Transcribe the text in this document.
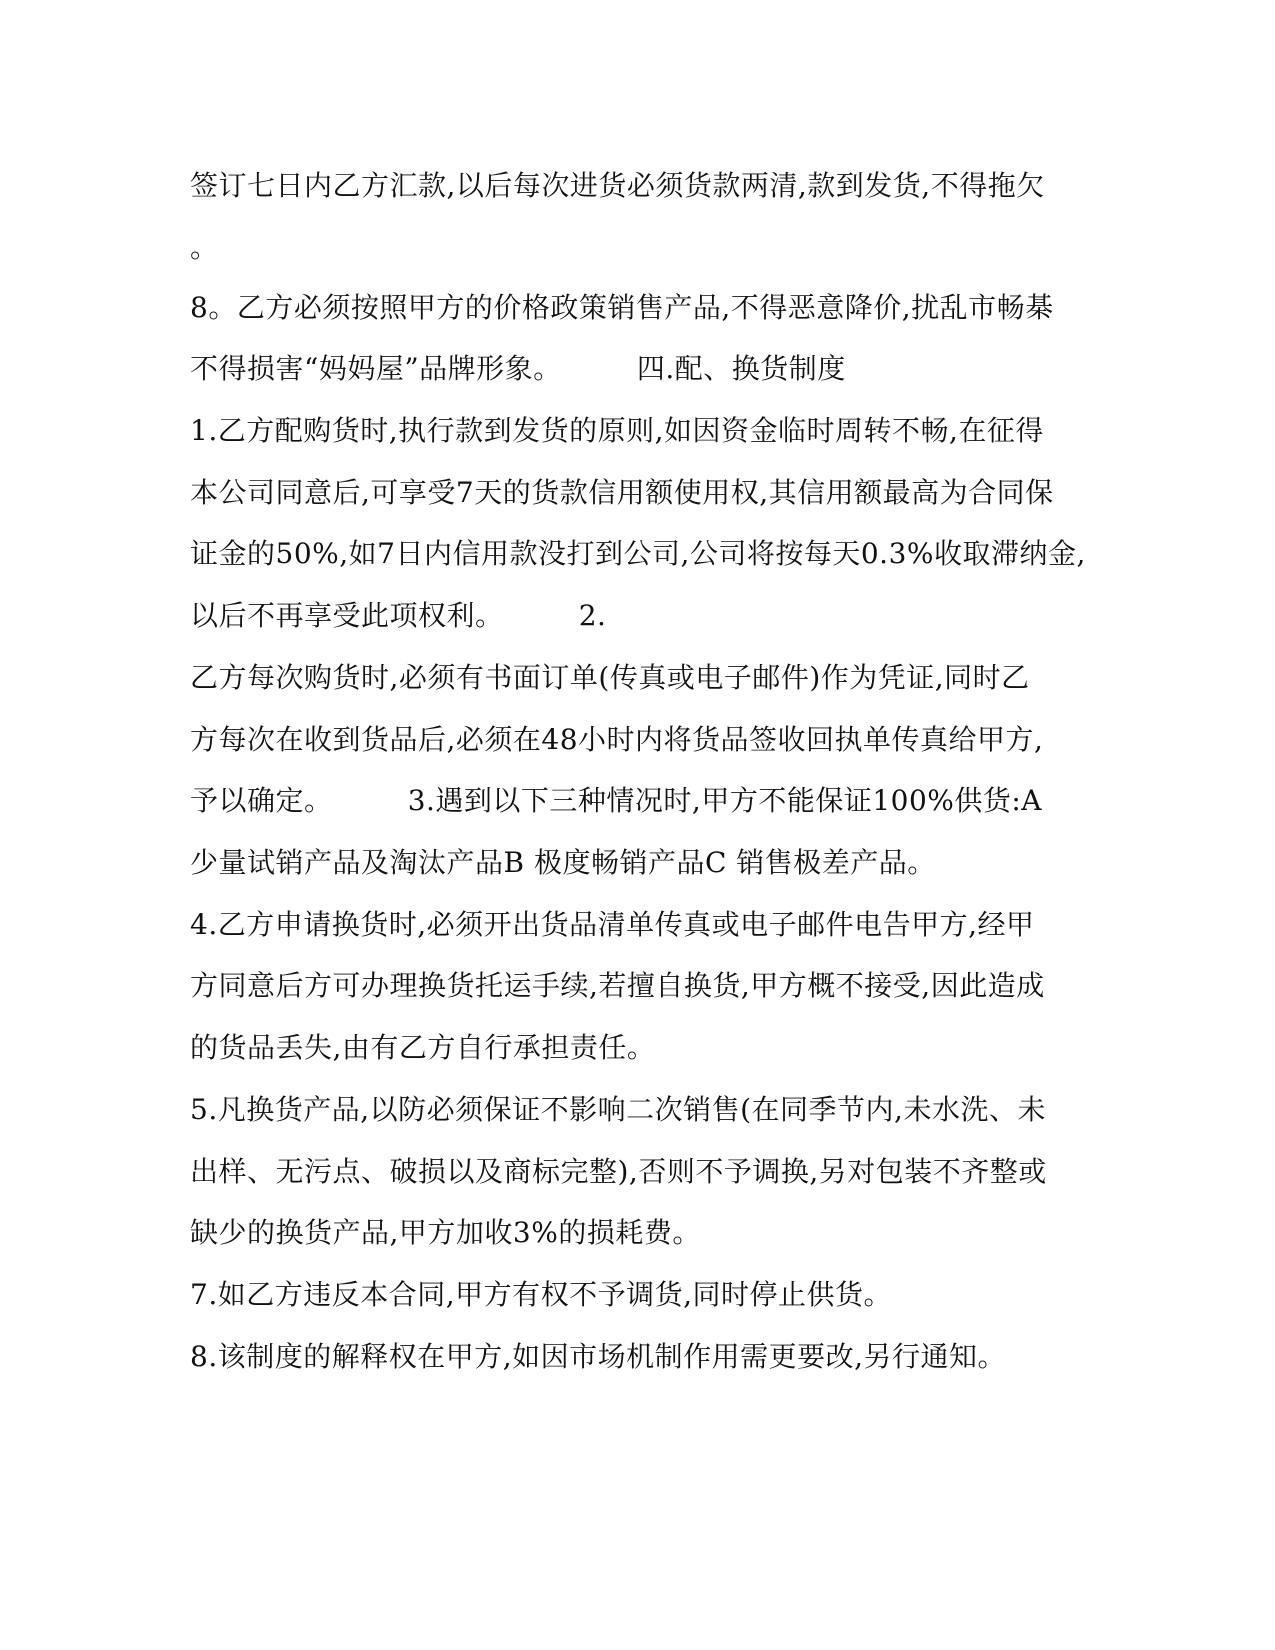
签订七日内乙方汇款,以后每次进货必须货款两清,款到发货,不得拖欠
。
8。乙方必须按照甲方的价格政策销售产品,不得恶意降价,扰乱市畅棊
不得损害“妈妈屋”品牌形象。        四.配、换货制度
1.乙方配购货时,执行款到发货的原则,如因资金临时周转不畅,在征得
本公司同意后,可享受7天的货款信用额使用权,其信用额最高为合同保
证金的50%,如7日内信用款没打到公司,公司将按每天0.3%收取滞纳金,
以后不再享受此项权利。        2.
乙方每次购货时,必须有书面订单(传真或电子邮件)作为凭证,同时乙
方每次在收到货品后,必须在48小时内将货品签收回执单传真给甲方,
予以确定。        3.遇到以下三种情况时,甲方不能保证100%供货:A
少量试销产品及淘汰产品B 极度畅销产品C 销售极差产品。
4.乙方申请换货时,必须开出货品清单传真或电子邮件电告甲方,经甲
方同意后方可办理换货托运手续,若擅自换货,甲方概不接受,因此造成
的货品丢失,由有乙方自行承担责任。
5.凡换货产品,以防必须保证不影响二次销售(在同季节内,未水洗、未
出样、无污点、破损以及商标完整),否则不予调换,另对包装不齐整或
缺少的换货产品,甲方加收3%的损耗费。
7.如乙方违反本合同,甲方有权不予调货,同时停止供货。
8.该制度的解释权在甲方,如因市场机制作用需更要改,另行通知。
